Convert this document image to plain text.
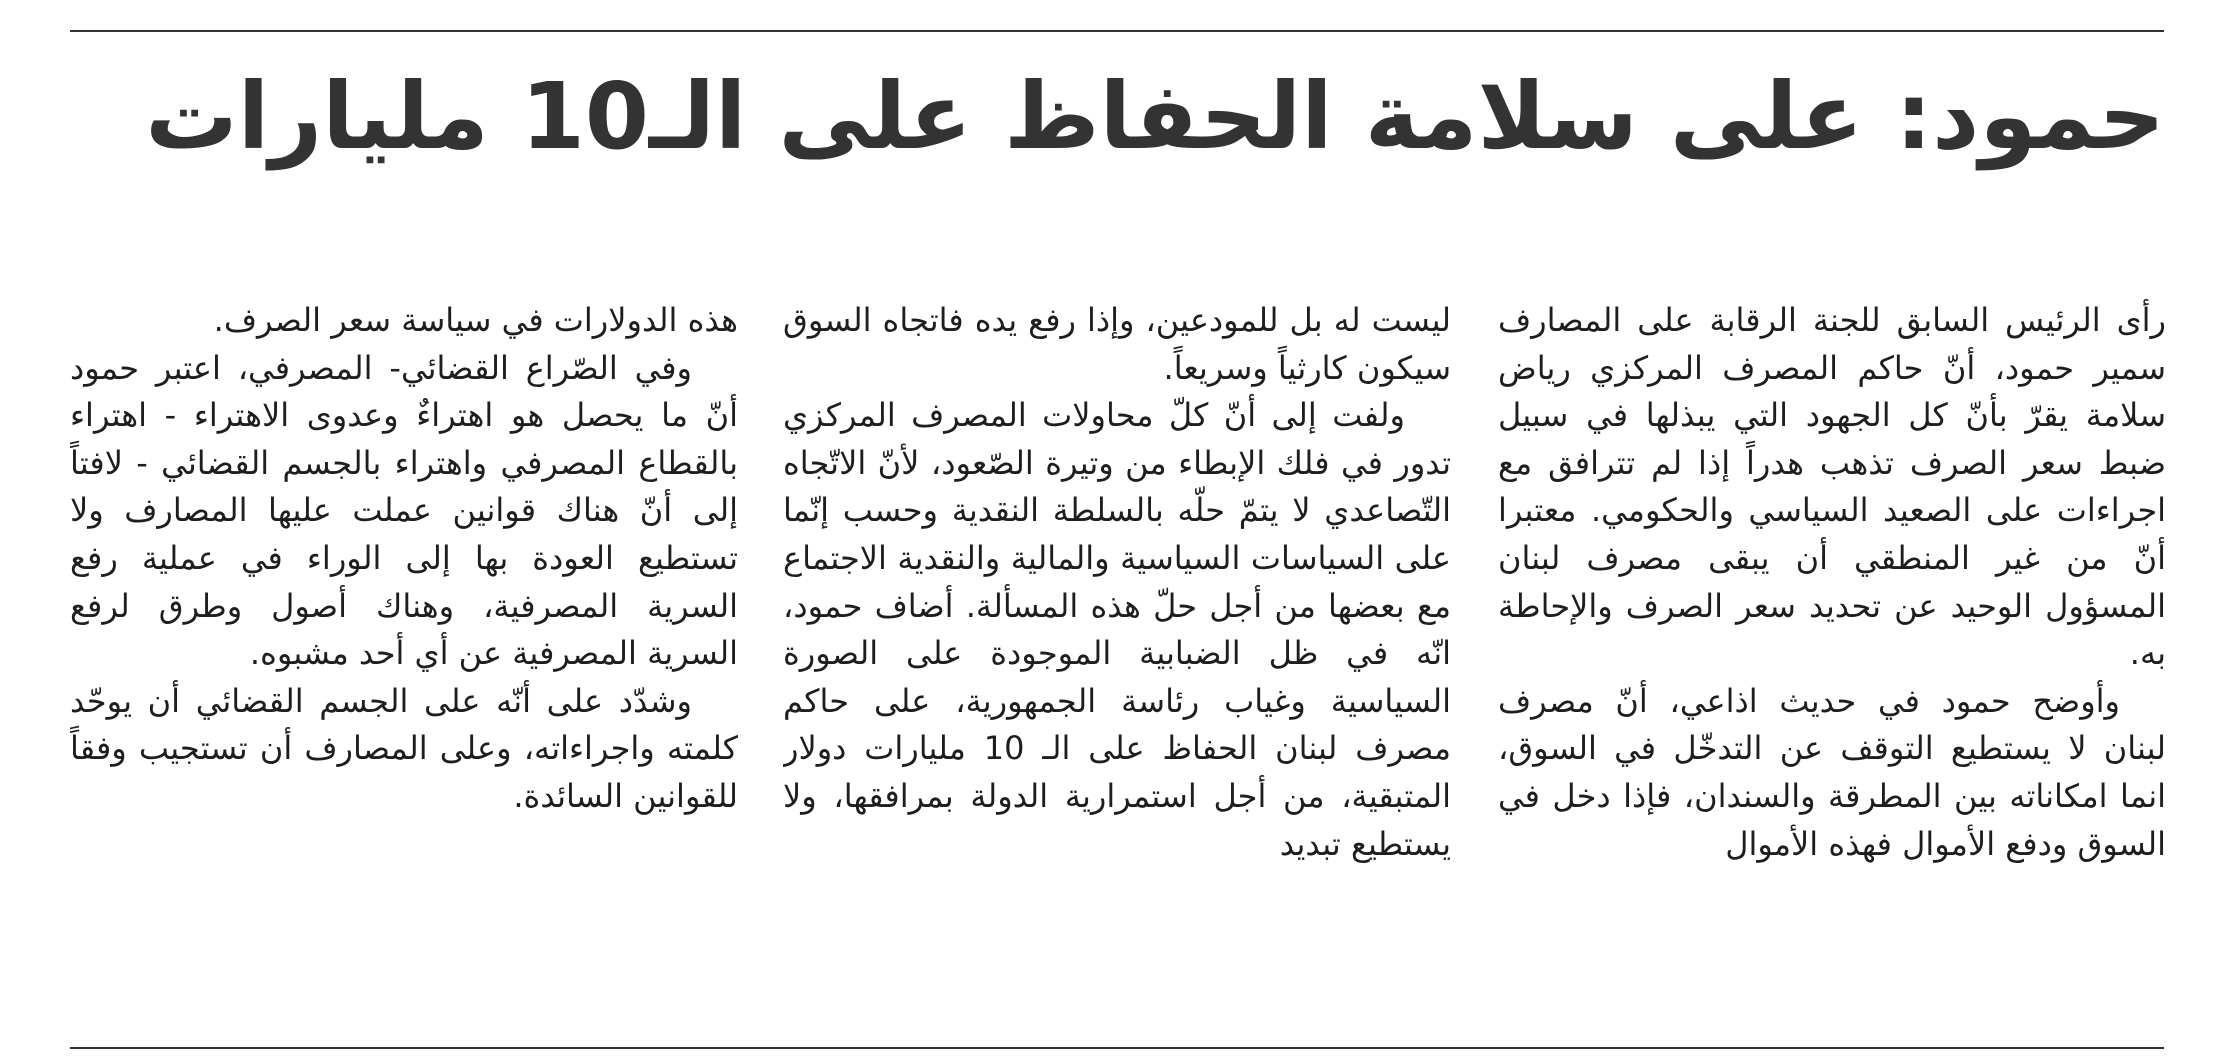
حمود: على سلامة الحفاظ على الـ10 مليارات

رأى الرئيس السابق للجنة الرقابة على المصارف سمير حمود، أنّ حاكم المصرف المركزي رياض سلامة يقرّ بأنّ كل الجهود التي يبذلها في سبيل ضبط سعر الصرف تذهب هدراً إذا لم تترافق مع اجراءات على الصعيد السياسي والحكومي. معتبرا أنّ من غير المنطقي أن يبقى مصرف لبنان المسؤول الوحيد عن تحديد سعر الصرف والإحاطة به.

وأوضح حمود في حديث اذاعي، أنّ مصرف لبنان لا يستطيع التوقف عن التدخّل في السوق، انما امكاناته بين المطرقة والسندان، فإذا دخل في السوق ودفع الأموال فهذه الأموال

ليست له بل للمودعين، وإذا رفع يده فاتجاه السوق سيكون كارثياً وسريعاً.

ولفت إلى أنّ كلّ محاولات المصرف المركزي تدور في فلك الإبطاء من وتيرة الصّعود، لأنّ الاتّجاه التّصاعدي لا يتمّ حلّه بالسلطة النقدية وحسب إنّما على السياسات السياسية والمالية والنقدية الاجتماع مع بعضها من أجل حلّ هذه المسألة. أضاف حمود، انّه في ظل الضبابية الموجودة على الصورة السياسية وغياب رئاسة الجمهورية، على حاكم مصرف لبنان الحفاظ على الـ 10 مليارات دولار المتبقية، من أجل استمرارية الدولة بمرافقها، ولا يستطيع تبديد

هذه الدولارات في سياسة سعر الصرف.

وفي الصّراع القضائي- المصرفي، اعتبر حمود أنّ ما يحصل هو اهتراءٌ وعدوى الاهتراء - اهتراء بالقطاع المصرفي واهتراء بالجسم القضائي - لافتاً إلى أنّ هناك قوانين عملت عليها المصارف ولا تستطيع العودة بها إلى الوراء في عملية رفع السرية المصرفية، وهناك أصول وطرق لرفع السرية المصرفية عن أي أحد مشبوه.

وشدّد على أنّه على الجسم القضائي أن يوحّد كلمته واجراءاته، وعلى المصارف أن تستجيب وفقاً للقوانين السائدة.
